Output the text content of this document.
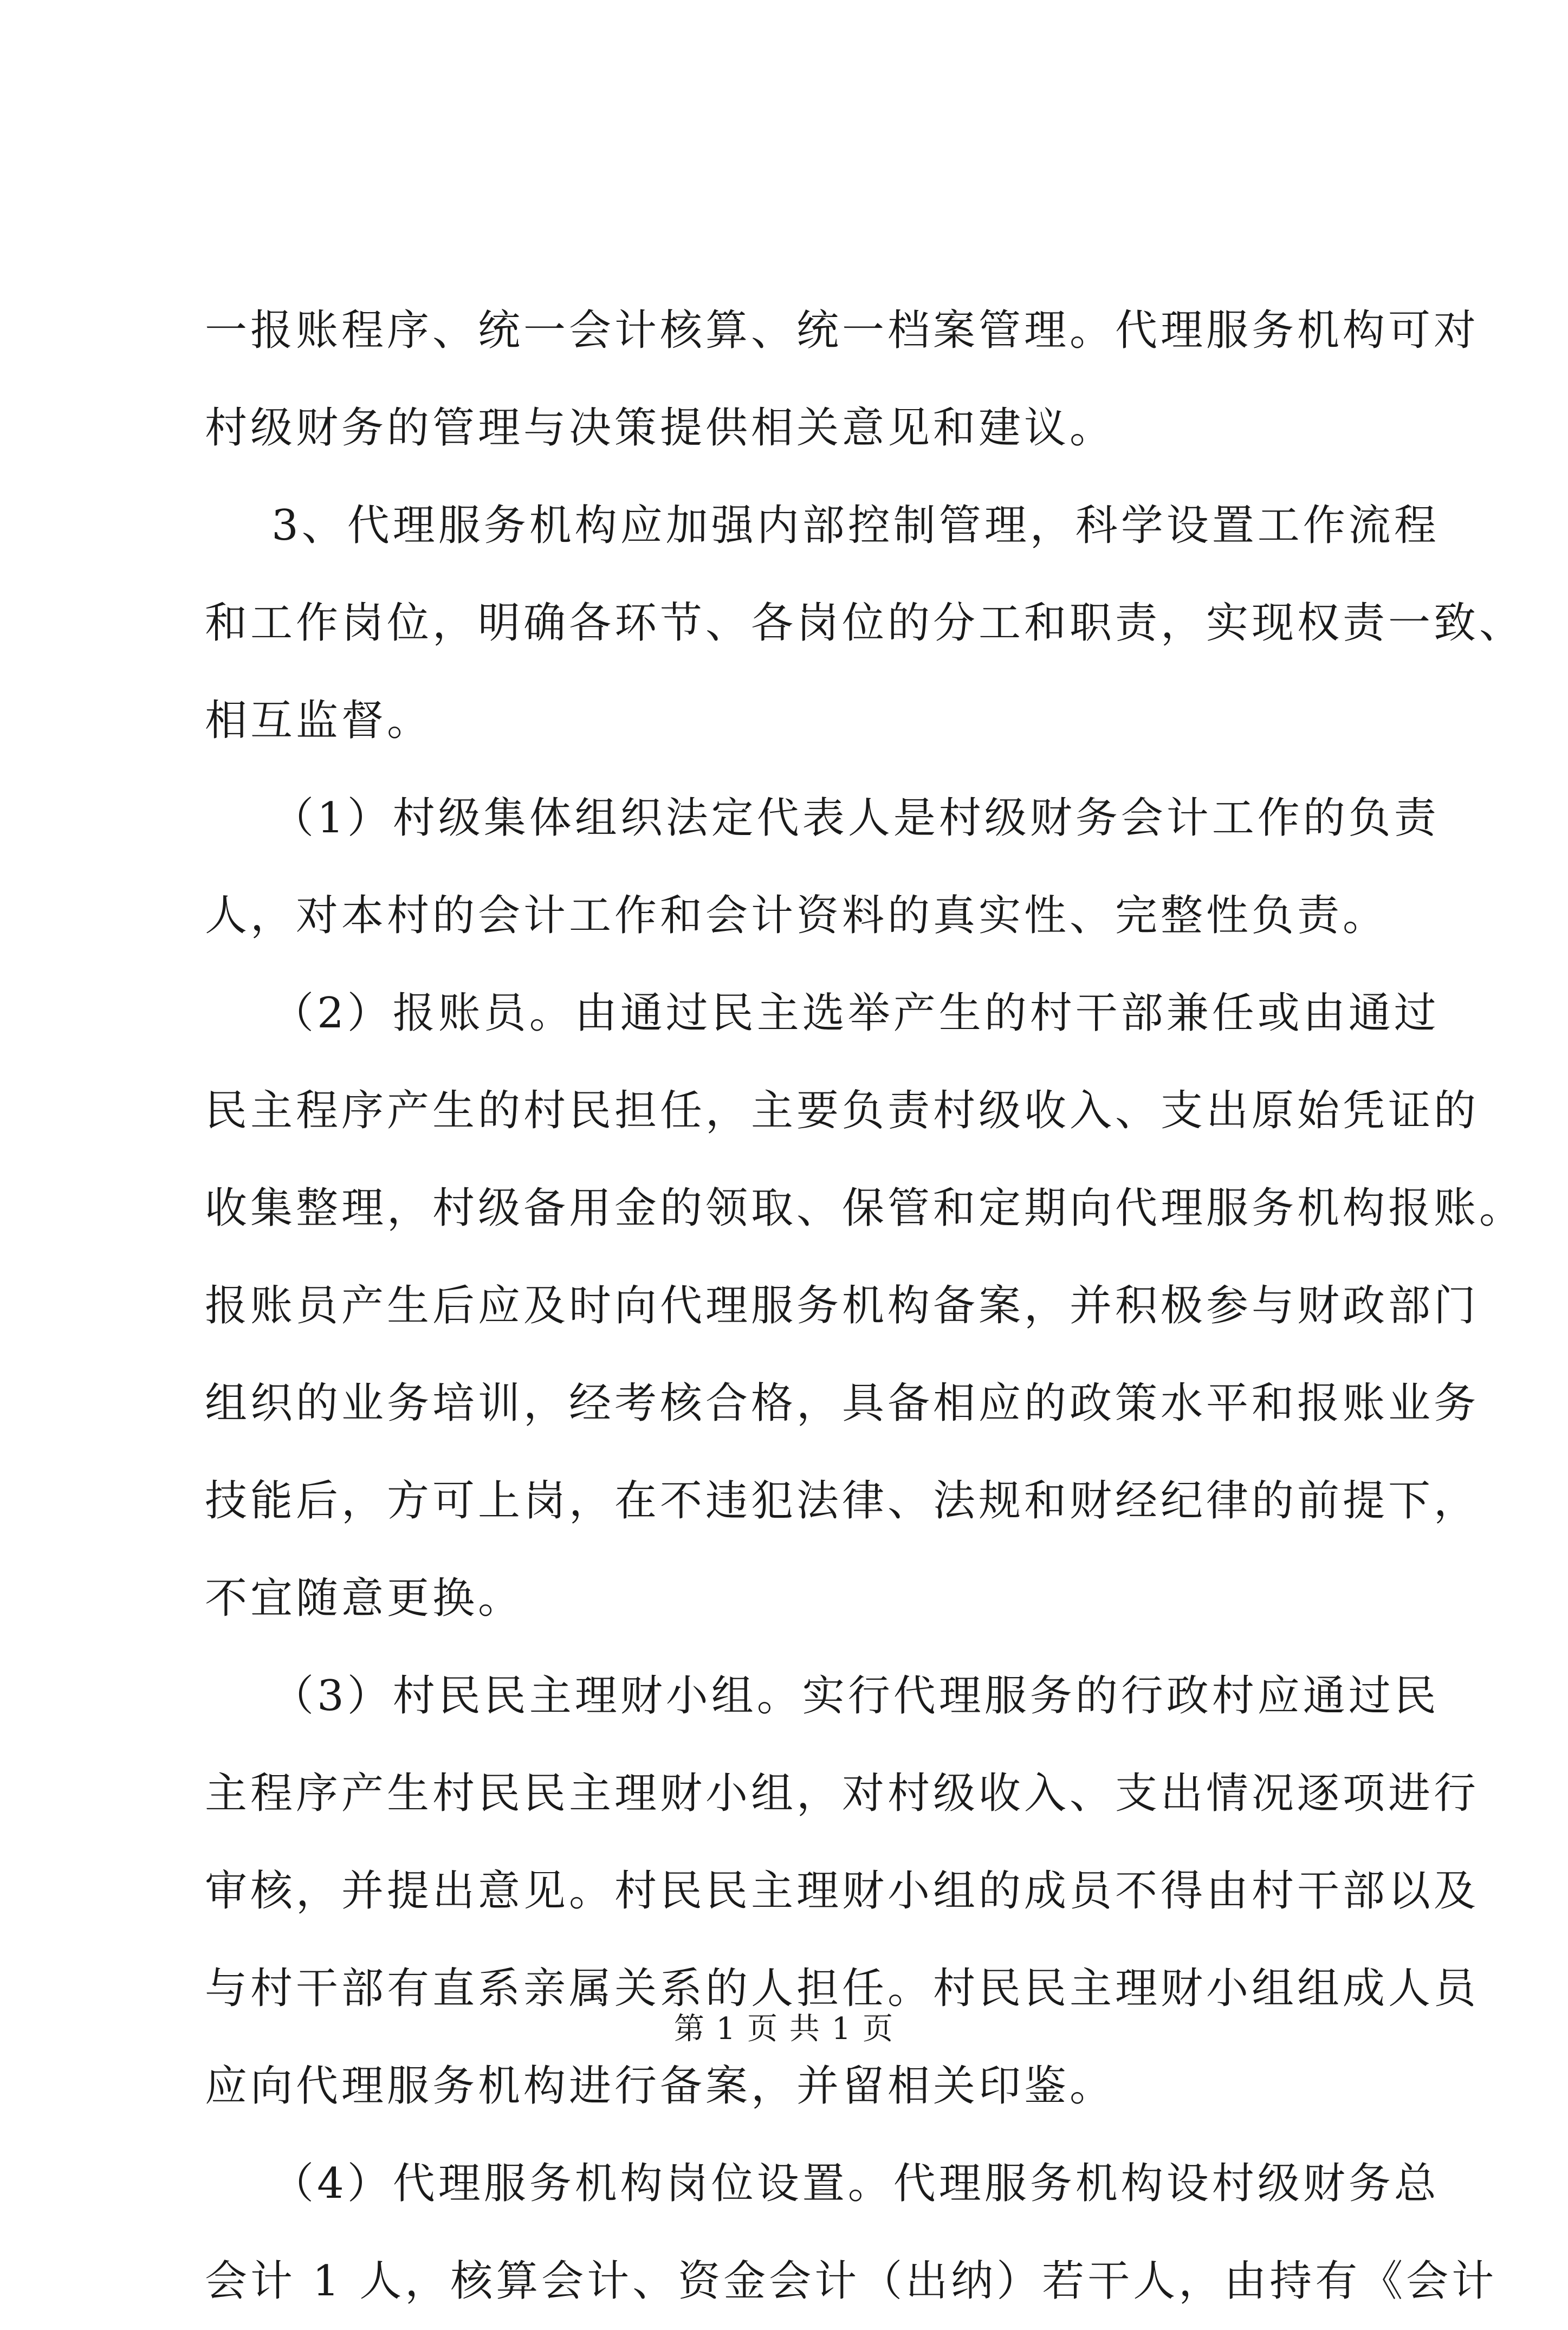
一报账程序、统一会计核算、统一档案管理。代理服务机构可对
村级财务的管理与决策提供相关意见和建议。
3、代理服务机构应加强内部控制管理，科学设置工作流程
和工作岗位，明确各环节、各岗位的分工和职责，实现权责一致、
相互监督。
（1）村级集体组织法定代表人是村级财务会计工作的负责
人，对本村的会计工作和会计资料的真实性、完整性负责。
（2）报账员。由通过民主选举产生的村干部兼任或由通过
民主程序产生的村民担任，主要负责村级收入、支出原始凭证的
收集整理，村级备用金的领取、保管和定期向代理服务机构报账。
报账员产生后应及时向代理服务机构备案，并积极参与财政部门
组织的业务培训，经考核合格，具备相应的政策水平和报账业务
技能后，方可上岗，在不违犯法律、法规和财经纪律的前提下，
不宜随意更换。
（3）村民民主理财小组。实行代理服务的行政村应通过民
主程序产生村民民主理财小组，对村级收入、支出情况逐项进行
审核，并提出意见。村民民主理财小组的成员不得由村干部以及
与村干部有直系亲属关系的人担任。村民民主理财小组组成人员
应向代理服务机构进行备案，并留相关印鉴。
（4）代理服务机构岗位设置。代理服务机构设村级财务总
会计 1 人，核算会计、资金会计（出纳）若干人，由持有《会计
第 1 页 共 1 页
